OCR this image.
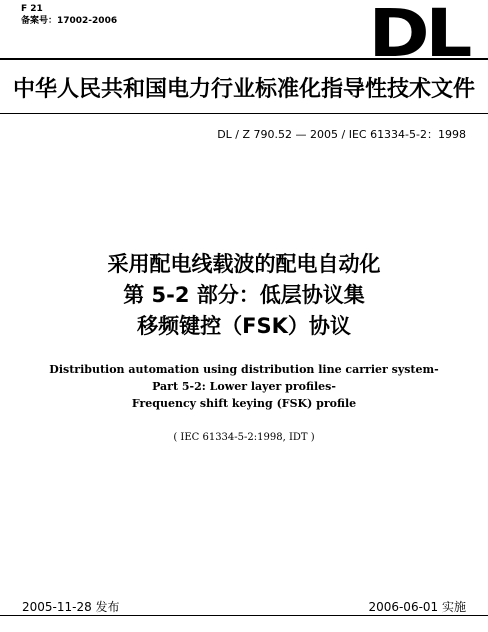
F 21
备案号：17002-2006	DL
中华人民共和国电力行业标准化指导性技术文件
DL / Z 790.52 — 2005 / IEC 61334-5-2：1998
采用配电线载波的配电自动化
第 5-2 部分：低层协议集
移频键控（FSK）协议
Distribution automation using distribution line carrier system-
Part 5-2: Lower layer profiles-
Frequency shift keying (FSK) profile
( IEC 61334-5-2:1998, IDT )
2005-11-28 发布	2006-06-01 实施
